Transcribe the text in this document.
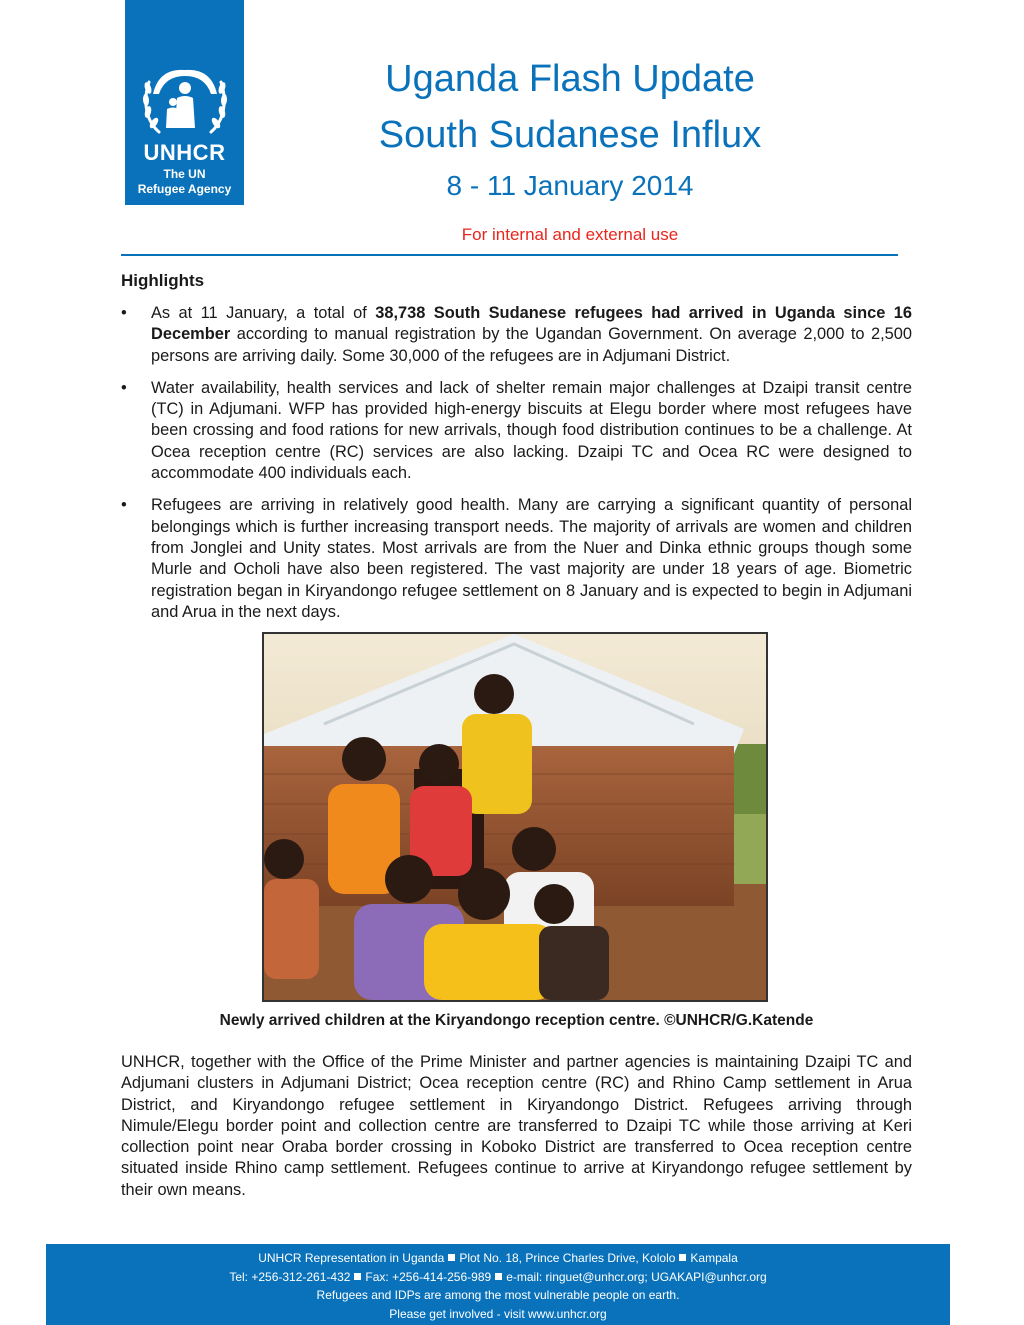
UNHCR
The UN
Refugee Agency
Uganda Flash Update
South Sudanese Influx
8 - 11 January 2014
For internal and external use
Highlights
• As at 11 January, a total of 38,738 South Sudanese refugees had arrived in Uganda since 16 December according to manual registration by the Ugandan Government. On average 2,000 to 2,500 persons are arriving daily. Some 30,000 of the refugees are in Adjumani District.
• Water availability, health services and lack of shelter remain major challenges at Dzaipi transit centre (TC) in Adjumani. WFP has provided high-energy biscuits at Elegu border where most refugees have been crossing and food rations for new arrivals, though food distribution continues to be a challenge. At Ocea reception centre (RC) services are also lacking. Dzaipi TC and Ocea RC were designed to accommodate 400 individuals each.
• Refugees are arriving in relatively good health. Many are carrying a significant quantity of personal belongings which is further increasing transport needs. The majority of arrivals are women and children from Jonglei and Unity states. Most arrivals are from the Nuer and Dinka ethnic groups though some Murle and Ocholi have also been registered. The vast majority are under 18 years of age. Biometric registration began in Kiryandongo refugee settlement on 8 January and is expected to begin in Adjumani and Arua in the next days.
Newly arrived children at the Kiryandongo reception centre. ©UNHCR/G.Katende

UNHCR, together with the Office of the Prime Minister and partner agencies is maintaining Dzaipi TC and Adjumani clusters in Adjumani District; Ocea reception centre (RC) and Rhino Camp settlement in Arua District, and Kiryandongo refugee settlement in Kiryandongo District. Refugees arriving through Nimule/Elegu border point and collection centre are transferred to Dzaipi TC while those arriving at Keri collection point near Oraba border crossing in Koboko District are transferred to Ocea reception centre situated inside Rhino camp settlement. Refugees continue to arrive at Kiryandongo refugee settlement by their own means.

UNHCR Representation in Uganda Plot No. 18, Prince Charles Drive, Kololo Kampala
Tel: +256-312-261-432 Fax: +256-414-256-989 e-mail: ringuet@unhcr.org; UGAKAPI@unhcr.org
Refugees and IDPs are among the most vulnerable people on earth.
Please get involved - visit www.unhcr.org
